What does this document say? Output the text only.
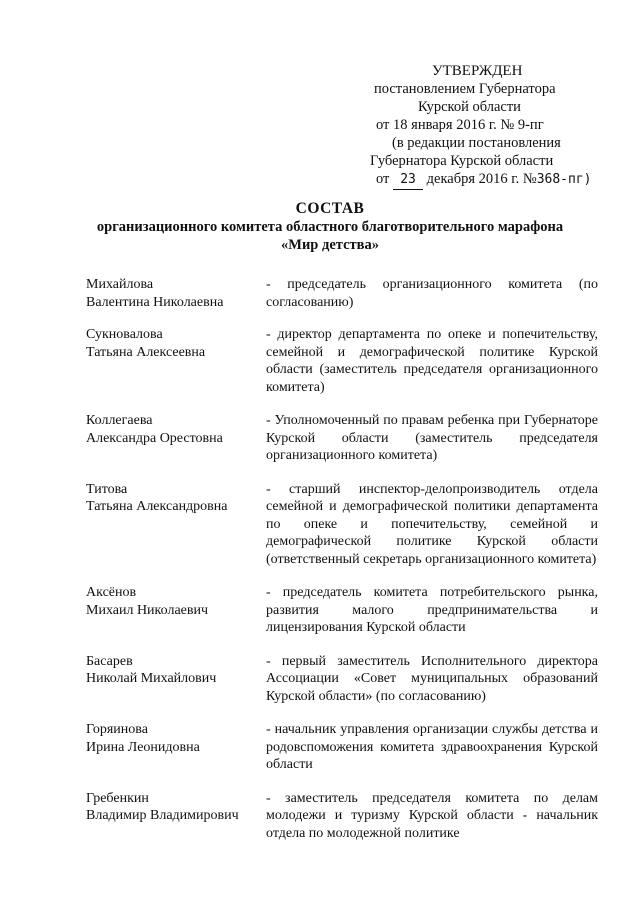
УТВЕРЖДЕН
постановлением Губернатора
Курской области
от 18 января 2016 г. № 9-пг
(в редакции постановления
Губернатора Курской области
от 23 декабря 2016 г. №368-пг)
СОСТАВ
организационного комитета областного благотворительного марафона
«Мир детства»
Михайлова
Валентина Николаевна
- председатель организационного комитета (по согласованию)
Сукновалова
Татьяна Алексеевна
- директор департамента по опеке и попечительству, семейной и демографической политике Курской области (заместитель председателя организационного комитета)
Коллегаева
Александра Орестовна
- Уполномоченный по правам ребенка при Губернаторе Курской области (заместитель председателя организационного комитета)
Титова
Татьяна Александровна
- старший инспектор-делопроизводитель отдела семейной и демографической политики департамента по опеке и попечительству, семейной и демографической политике Курской области (ответственный секретарь организационного комитета)
Аксёнов
Михаил Николаевич
- председатель комитета потребительского рынка, развития малого предпринимательства и лицензирования Курской области
Басарев
Николай Михайлович
- первый заместитель Исполнительного директора Ассоциации «Совет муниципальных образований Курской области» (по согласованию)
Горяинова
Ирина Леонидовна
- начальник управления организации службы детства и родовспоможения комитета здравоохранения Курской области
Гребенкин
Владимир Владимирович
- заместитель председателя комитета по делам молодежи и туризму Курской области - начальник отдела по молодежной политике
